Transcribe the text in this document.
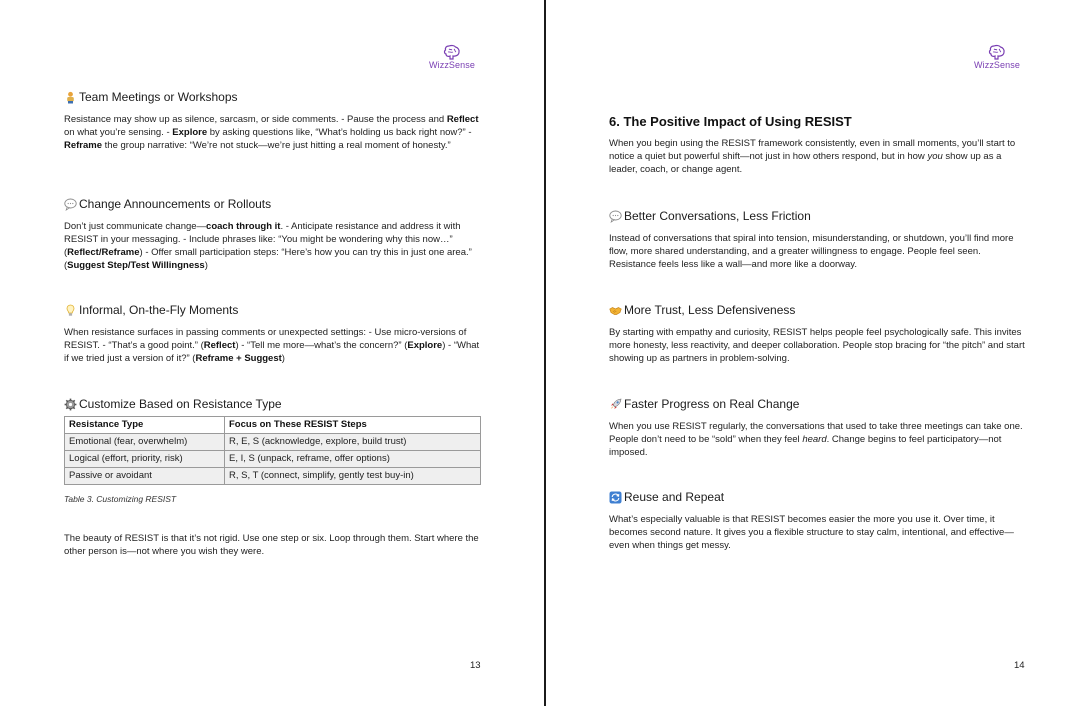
WizzSense
Team Meetings or Workshops

Resistance may show up as silence, sarcasm, or side comments. - Pause the process and Reflect on what you’re sensing. - Explore by asking questions like, “What’s holding us back right now?” - Reframe the group narrative: “We’re not stuck—we’re just hitting a real moment of honesty.”

Change Announcements or Rollouts

Don’t just communicate change—coach through it. - Anticipate resistance and address it with RESIST in your messaging. - Include phrases like: “You might be wondering why this now…” (Reflect/Reframe) - Offer small participation steps: “Here’s how you can try this in just one area.” (Suggest Step/Test Willingness)

Informal, On-the-Fly Moments

When resistance surfaces in passing comments or unexpected settings: - Use micro-versions of RESIST. - “That’s a good point.” (Reflect) - “Tell me more—what’s the concern?” (Explore) - “What if we tried just a version of it?” (Reframe + Suggest)

Customize Based on Resistance Type
Resistance Type	Focus on These RESIST Steps
Emotional (fear, overwhelm)	R, E, S (acknowledge, explore, build trust)
Logical (effort, priority, risk)	E, I, S (unpack, reframe, offer options)
Passive or avoidant	R, S, T (connect, simplify, gently test buy-in)
Table 3. Customizing RESIST

The beauty of RESIST is that it’s not rigid. Use one step or six. Loop through them. Start where the other person is—not where you wish they were.

13
WizzSense
6. The Positive Impact of Using RESIST

When you begin using the RESIST framework consistently, even in small moments, you’ll start to notice a quiet but powerful shift—not just in how others respond, but in how you show up as a leader, coach, or change agent.

Better Conversations, Less Friction

Instead of conversations that spiral into tension, misunderstanding, or shutdown, you’ll find more flow, more shared understanding, and a greater willingness to engage. People feel seen. Resistance feels less like a wall—and more like a doorway.

More Trust, Less Defensiveness

By starting with empathy and curiosity, RESIST helps people feel psychologically safe. This invites more honesty, less reactivity, and deeper collaboration. People stop bracing for “the pitch” and start showing up as partners in problem-solving.

Faster Progress on Real Change

When you use RESIST regularly, the conversations that used to take three meetings can take one. People don’t need to be “sold” when they feel heard. Change begins to feel participatory—not imposed.

Reuse and Repeat

What’s especially valuable is that RESIST becomes easier the more you use it. Over time, it becomes second nature. It gives you a flexible structure to stay calm, intentional, and effective—even when things get messy.

14
